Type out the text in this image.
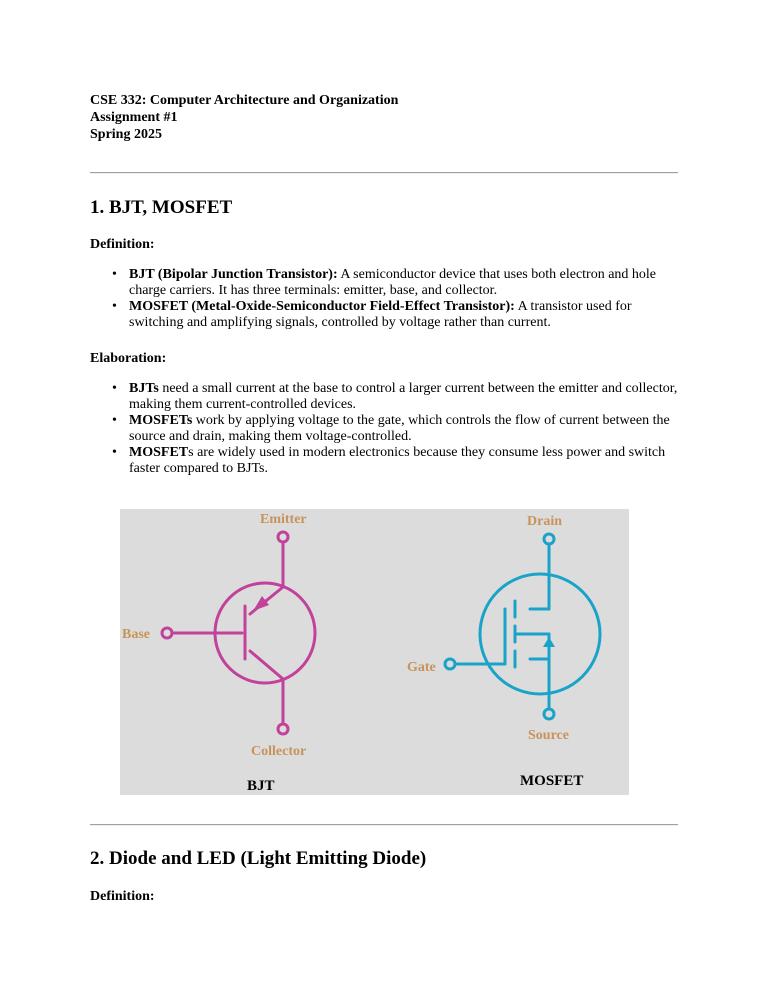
CSE 332: Computer Architecture and Organization
Assignment #1
Spring 2025
1. BJT, MOSFET
Definition:
• BJT (Bipolar Junction Transistor): A semiconductor device that uses both electron and hole charge carriers. It has three terminals: emitter, base, and collector.
• MOSFET (Metal-Oxide-Semiconductor Field-Effect Transistor): A transistor used for switching and amplifying signals, controlled by voltage rather than current.
Elaboration:
• BJTs need a small current at the base to control a larger current between the emitter and collector, making them current-controlled devices.
• MOSFETs work by applying voltage to the gate, which controls the flow of current between the source and drain, making them voltage-controlled.
• MOSFETs are widely used in modern electronics because they consume less power and switch faster compared to BJTs.
Emitter
Base
Collector
BJT
Drain
Gate
Source
MOSFET
2. Diode and LED (Light Emitting Diode)
Definition:
